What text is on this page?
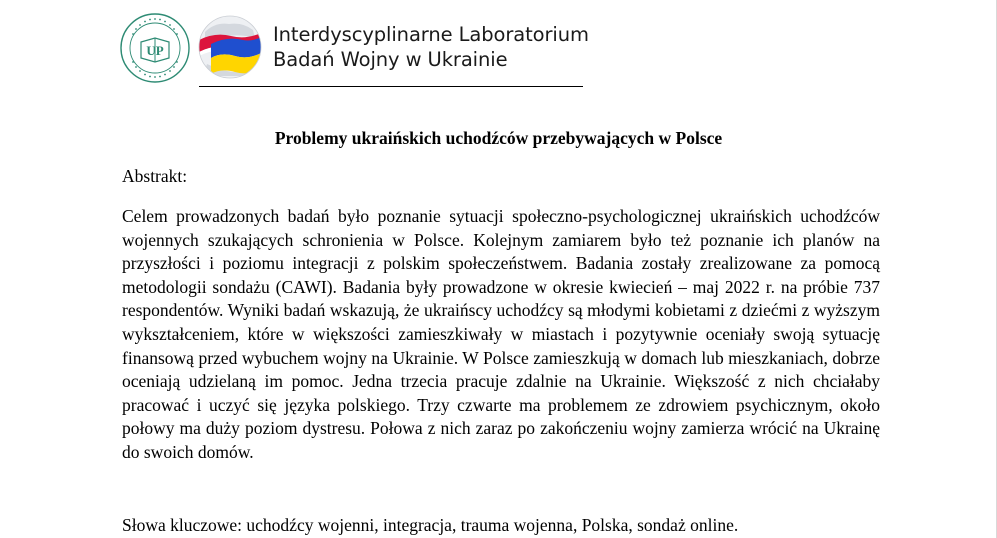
UP
Interdyscyplinarne Laboratorium
Badań Wojny w Ukrainie
Problemy ukraińskich uchodźców przebywających w Polsce
Abstrakt:
Celem prowadzonych badań było poznanie sytuacji społeczno-psychologicznej ukraińskich uchodźców wojennych szukających schronienia w Polsce. Kolejnym zamiarem było też poznanie ich planów na przyszłości i poziomu integracji z polskim społeczeństwem. Badania zostały zrealizowane za pomocą metodologii sondażu (CAWI). Badania były prowadzone w okresie kwiecień – maj 2022 r. na próbie 737 respondentów. Wyniki badań wskazują, że ukraińscy uchodźcy są młodymi kobietami z dziećmi z wyższym wykształceniem, które w większości zamieszkiwały w miastach i pozytywnie oceniały swoją sytuację finansową przed wybuchem wojny na Ukrainie. W Polsce zamieszkują w domach lub mieszkaniach, dobrze oceniają udzielaną im pomoc. Jedna trzecia pracuje zdalnie na Ukrainie. Większość z nich chciałaby pracować i uczyć się języka polskiego. Trzy czwarte ma problemem ze zdrowiem psychicznym, około połowy ma duży poziom dystresu. Połowa z nich zaraz po zakończeniu wojny zamierza wrócić na Ukrainę do swoich domów.
Słowa kluczowe: uchodźcy wojenni, integracja, trauma wojenna, Polska, sondaż online.
